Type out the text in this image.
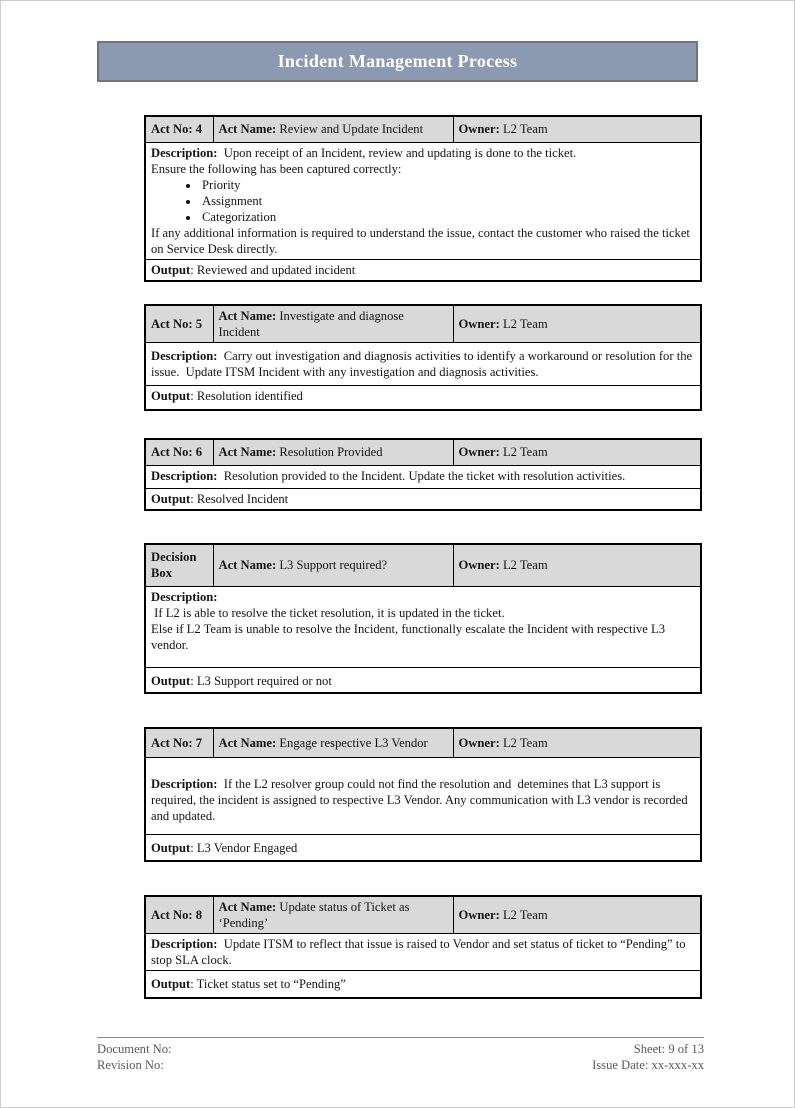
Incident Management Process
Act No: 4	Act Name: Review and Update Incident	Owner: L2 Team

Description:  Upon receipt of an Incident, review and updating is done to the ticket.

Ensure the following has been captured correctly:

• Priority
• Assignment
• Categorization

If any additional information is required to understand the issue, contact the customer who raised the ticket on Service Desk directly.

Output: Reviewed and updated incident
Act No: 5	Act Name: Investigate and diagnose Incident	Owner: L2 Team

Description:  Carry out investigation and diagnosis activities to identify a workaround or resolution for the issue.  Update ITSM Incident with any investigation and diagnosis activities.

Output: Resolution identified
Act No: 6	Act Name: Resolution Provided	Owner: L2 Team

Description:  Resolution provided to the Incident. Update the ticket with resolution activities.

Output: Resolved Incident
Decision Box	Act Name: L3 Support required?	Owner: L2 Team

Description:

If L2 is able to resolve the ticket resolution, it is updated in the ticket.

Else if L2 Team is unable to resolve the Incident, functionally escalate the Incident with respective L3 vendor.

Output: L3 Support required or not
Act No: 7	Act Name: Engage respective L3 Vendor	Owner: L2 Team

Description:  If the L2 resolver group could not find the resolution and  detemines that L3 support is required, the incident is assigned to respective L3 Vendor. Any communication with L3 vendor is recorded and updated.

Output: L3 Vendor Engaged
Act No: 8	Act Name: Update status of Ticket as ‘Pending’	Owner: L2 Team

Description:  Update ITSM to reflect that issue is raised to Vendor and set status of ticket to “Pending” to stop SLA clock.

Output: Ticket status set to “Pending”
Document No:
Revision No:
Sheet: 9 of 13
Issue Date: xx-xxx-xx
